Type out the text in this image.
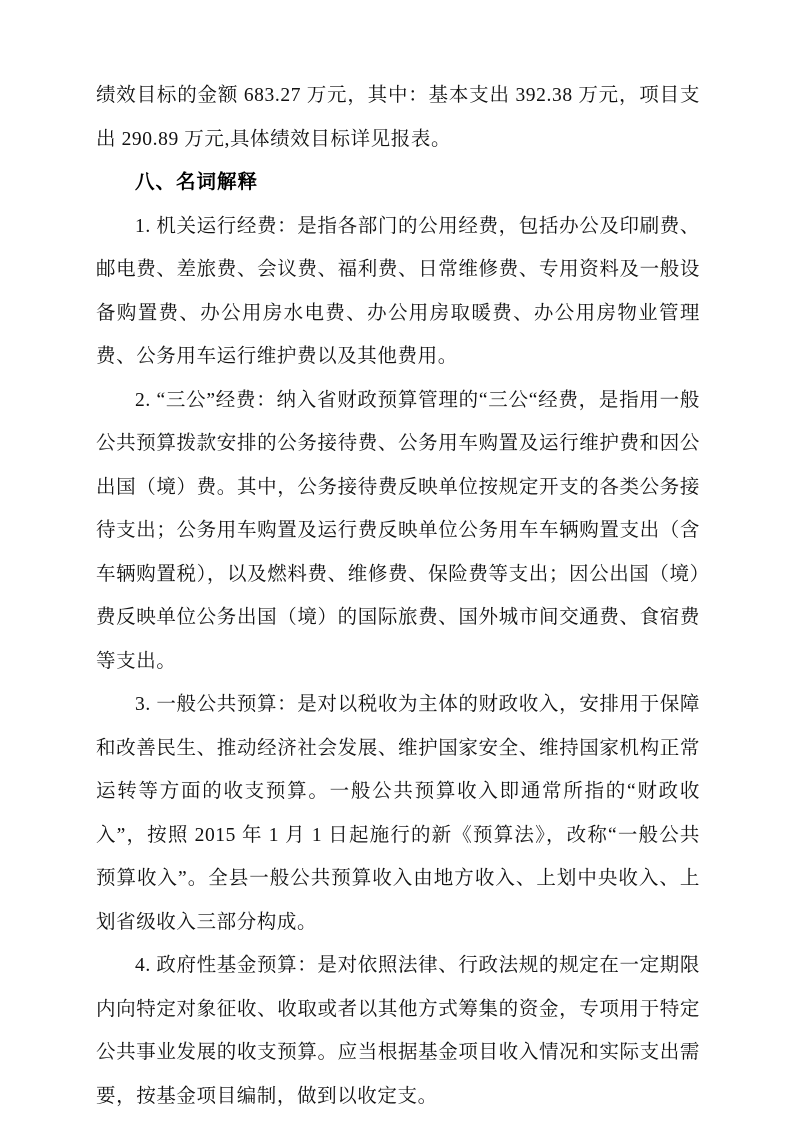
绩效目标的金额 683.27 万元，其中：基本支出 392.38 万元，项目支出 290.89 万元,具体绩效目标详见报表。

八、名词解释

1. 机关运行经费：是指各部门的公用经费，包括办公及印刷费、邮电费、差旅费、会议费、福利费、日常维修费、专用资料及一般设备购置费、办公用房水电费、办公用房取暖费、办公用房物业管理费、公务用车运行维护费以及其他费用。

2. “三公”经费：纳入省财政预算管理的“三公“经费，是指用一般公共预算拨款安排的公务接待费、公务用车购置及运行维护费和因公出国（境）费。其中，公务接待费反映单位按规定开支的各类公务接待支出；公务用车购置及运行费反映单位公务用车车辆购置支出（含车辆购置税），以及燃料费、维修费、保险费等支出；因公出国（境）费反映单位公务出国（境）的国际旅费、国外城市间交通费、食宿费等支出。

3. 一般公共预算：是对以税收为主体的财政收入，安排用于保障和改善民生、推动经济社会发展、维护国家安全、维持国家机构正常运转等方面的收支预算。一般公共预算收入即通常所指的“财政收入”，按照 2015 年 1 月 1 日起施行的新《预算法》，改称“一般公共预算收入”。全县一般公共预算收入由地方收入、上划中央收入、上划省级收入三部分构成。

4. 政府性基金预算：是对依照法律、行政法规的规定在一定期限内向特定对象征收、收取或者以其他方式筹集的资金，专项用于特定公共事业发展的收支预算。应当根据基金项目收入情况和实际支出需要，按基金项目编制，做到以收定支。
